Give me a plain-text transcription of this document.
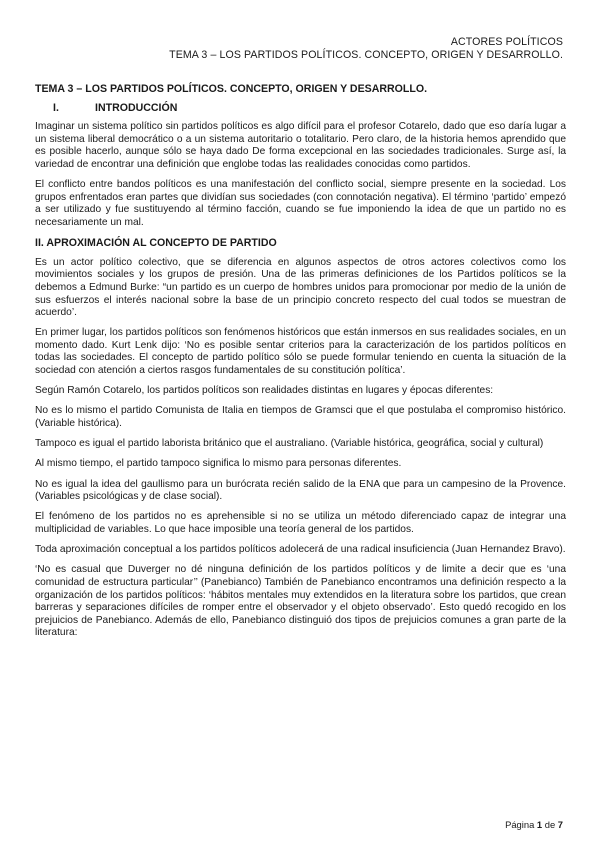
ACTORES POLÍTICOS
TEMA 3 – LOS PARTIDOS POLÍTICOS. CONCEPTO, ORIGEN Y DESARROLLO.
TEMA 3 – LOS PARTIDOS POLÍTICOS. CONCEPTO, ORIGEN Y DESARROLLO.
I.	INTRODUCCIÓN

Imaginar un sistema político sin partidos políticos es algo difícil para el profesor Cotarelo, dado que eso daría lugar a un sistema liberal democrático o a un sistema autoritario o totalitario. Pero claro, de la historia hemos aprendido que es posible hacerlo, aunque sólo se haya dado De forma excepcional en las sociedades tradicionales. Surge así, la variedad de encontrar una definición que englobe todas las realidades conocidas como partidos.

El conflicto entre bandos políticos es una manifestación del conflicto social, siempre presente en la sociedad. Los grupos enfrentados eran partes que dividían sus sociedades (con connotación negativa). El término ‘partido’ empezó a ser utilizado y fue sustituyendo al término facción, cuando se fue imponiendo la idea de que un partido no es necesariamente un mal.

II. APROXIMACIÓN AL CONCEPTO DE PARTIDO

Es un actor político colectivo, que se diferencia en algunos aspectos de otros actores colectivos como los movimientos sociales y los grupos de presión. Una de las primeras definiciones de los Partidos políticos se la debemos a Edmund Burke: “un partido es un cuerpo de hombres unidos para promocionar por medio de la unión de sus esfuerzos el interés nacional sobre la base de un principio concreto respecto del cual todos se muestran de acuerdo’.

En primer lugar, los partidos políticos son fenómenos históricos que están inmersos en sus realidades sociales, en un momento dado. Kurt Lenk dijo: ‘No es posible sentar criterios para la caracterización de los partidos políticos en todas las sociedades. El concepto de partido político sólo se puede formular teniendo en cuenta la situación de la sociedad con atención a ciertos rasgos fundamentales de su constitución política’.

Según Ramón Cotarelo, los partidos políticos son realidades distintas en lugares y épocas diferentes:

No es lo mismo el partido Comunista de Italia en tiempos de Gramsci que el que postulaba el compromiso histórico. (Variable histórica).

Tampoco es igual el partido laborista británico que el australiano. (Variable histórica, geográfica, social y cultural)

Al mismo tiempo, el partido tampoco significa lo mismo para personas diferentes.

No es igual la idea del gaullismo para un burócrata recién salido de la ENA que para un campesino de la Provence. (Variables psicológicas y de clase social).

El fenómeno de los partidos no es aprehensible si no se utiliza un método diferenciado capaz de integrar una multiplicidad de variables. Lo que hace imposible una teoría general de los partidos.

Toda aproximación conceptual a los partidos políticos adolecerá de una radical insuficiencia (Juan Hernandez Bravo).

‘No es casual que Duverger no dé ninguna definición de los partidos políticos y de limite a decir que es ‘una comunidad de estructura particular’’ (Panebianco) También de Panebianco encontramos una definición respecto a la organización de los partidos políticos: ‘hábitos mentales muy extendidos en la literatura sobre los partidos, que crean barreras y separaciones difíciles de romper entre el observador y el objeto observado’. Esto quedó recogido en los prejuicios de Panebianco. Además de ello, Panebianco distinguió dos tipos de prejuicios comunes a gran parte de la literatura:

Página 1 de 7
